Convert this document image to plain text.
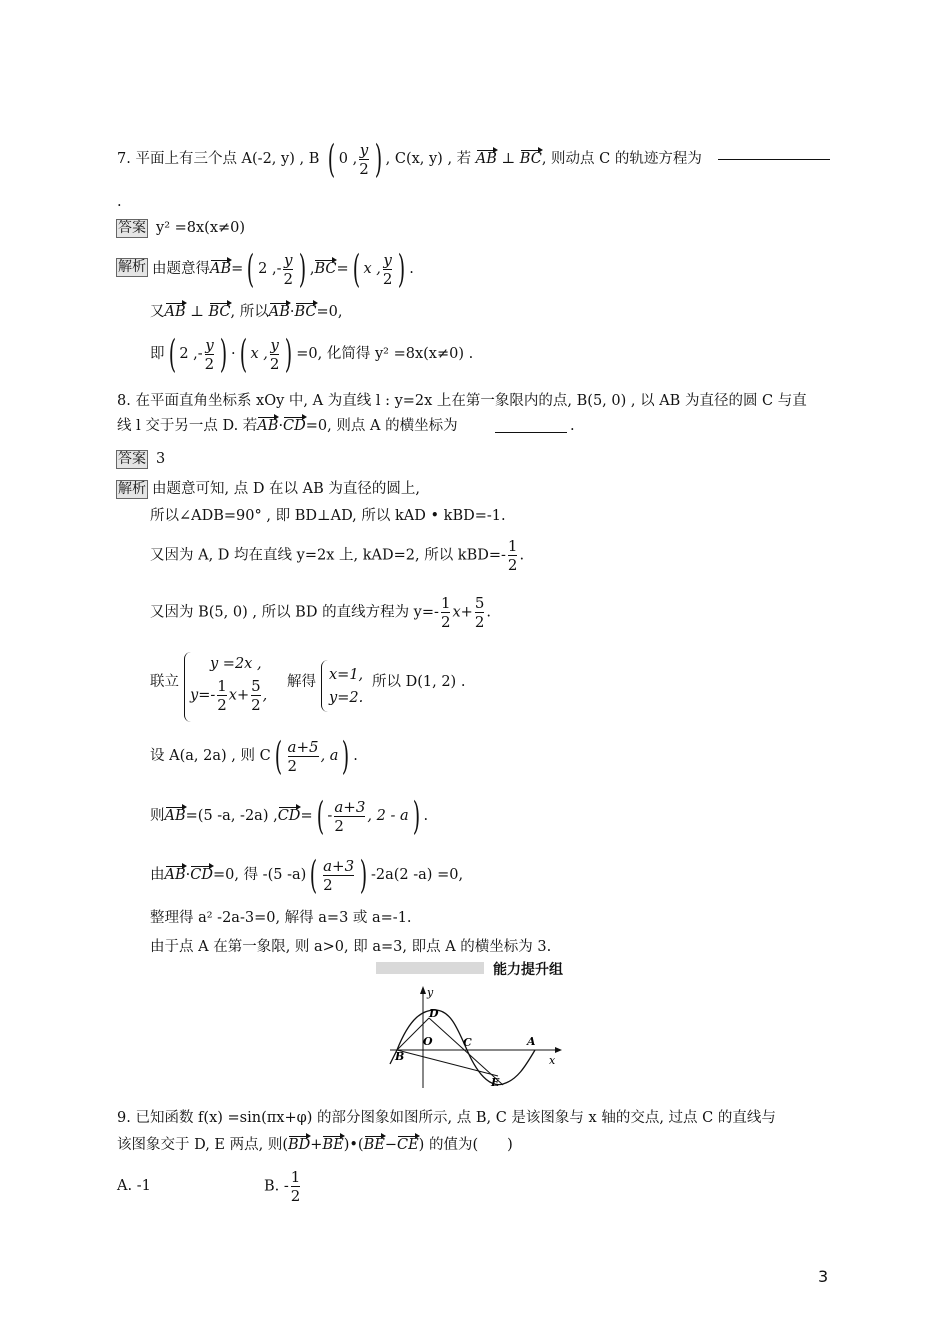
7. 平面上有三个点 A(-2, y) , B ( 0 , $\frac{y}{2}$ ) , C(x, y) , 若 AB ⊥ BC, 则动点 C 的轨迹方程为
.
答案 y² =8x(x≠0)
解析 由题意得AB=( 2 ,- $\frac{y}{2}$ ) ,BC=( x , $\frac{y}{2}$ ) .
又AB ⊥ BC, 所以AB·BC=0,
即( 2 ,- $\frac{y}{2}$ ) ·( x , $\frac{y}{2}$ ) =0, 化简得 y² =8x(x≠0) .
8. 在平面直角坐标系 xOy 中, A 为直线 l : y=2x 上在第一象限内的点, B(5, 0) , 以 AB 为直径的圆 C 与直
线 l 交于另一点 D. 若AB·CD=0, 则点 A 的横坐标为	.
答案 3
解析 由题意可知, 点 D 在以 AB 为直径的圆上,
所以∠ADB=90° , 即 BD⊥AD, 所以 kAD • kBD=-1.
又因为 A, D 均在直线 y=2x 上, kAD=2, 所以 $kBD=- \frac{1}{2}$ .
又因为 B(5, 0) , 所以 BD 的直线方程为 $y=- \frac{1}{2} x+ \frac{5}{2}$ .
联立
y =2x ,
$y=- \frac{1}{2} x+ \frac{5}{2}$ ,
解得 x=1,
y=2.
所以 D(1, 2) .
设 A(a, 2a) , 则 $C( \frac{a+5}{2}$ , a) .
则AB=(5 -a, -2a) $,CD=( - \frac{a+3}{2}$ , 2 - a) .
由AB·CD=0, 得 -(5 $-a)( \frac{a+3}{2}$ ) -2a(2 -a) =0,
整理得 a² -2a-3=0, 解得 a=3 或 a=-1.
由于点 A 在第一象限, 则 a>0, 即 a=3, 即点 A 的横坐标为 3.
能力提升组
y
x
D
O
B
C	A
E
9. 已知函数 f(x) =sin(πx+φ) 的部分图象如图所示, 点 B, C 是该图象与 x 轴的交点, 过点 C 的直线与
该图象交于 D, E 两点, 则(BD+BE)•(BE−CE) 的值为(　　)
A. -1	B. - $\frac{1}{2}$
3
